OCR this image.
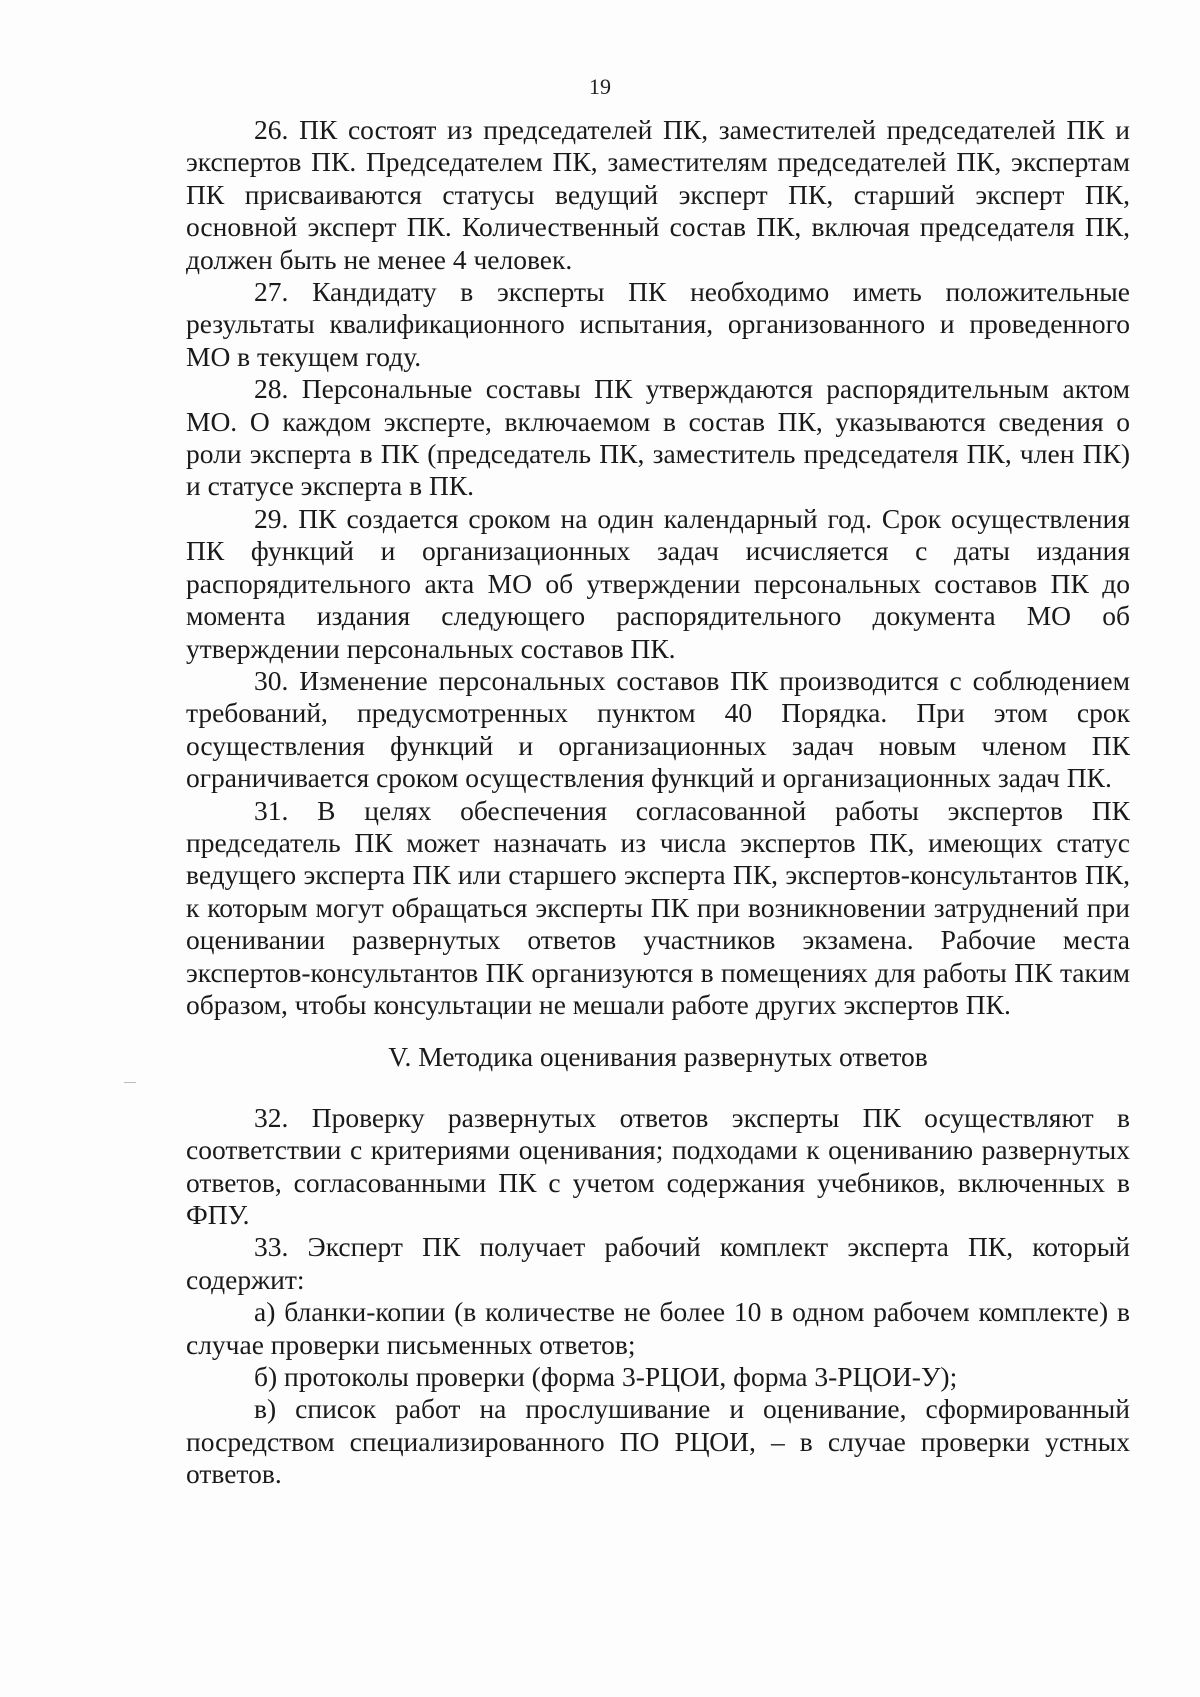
19

26. ПК состоят из председателей ПК, заместителей председателей ПК и экспертов ПК. Председателем ПК, заместителям председателей ПК, экспертам ПК присваиваются статусы ведущий эксперт ПК, старший эксперт ПК, основной эксперт ПК. Количественный состав ПК, включая председателя ПК, должен быть не менее 4 человек.

27. Кандидату в эксперты ПК необходимо иметь положительные результаты квалификационного испытания, организованного и проведенного МО в текущем году.

28. Персональные составы ПК утверждаются распорядительным актом МО. О каждом эксперте, включаемом в состав ПК, указываются сведения о роли эксперта в ПК (председатель ПК, заместитель председателя ПК, член ПК) и статусе эксперта в ПК.

29. ПК создается сроком на один календарный год. Срок осуществления ПК функций и организационных задач исчисляется с даты издания распорядительного акта МО об утверждении персональных составов ПК до момента издания следующего распорядительного документа МО об утверждении персональных составов ПК.

30. Изменение персональных составов ПК производится с соблюдением требований, предусмотренных пунктом 40 Порядка. При этом срок осуществления функций и организационных задач новым членом ПК ограничивается сроком осуществления функций и организационных задач ПК.

31. В целях обеспечения согласованной работы экспертов ПК председатель ПК может назначать из числа экспертов ПК, имеющих статус ведущего эксперта ПК или старшего эксперта ПК, экспертов-консультантов ПК, к которым могут обращаться эксперты ПК при возникновении затруднений при оценивании развернутых ответов участников экзамена. Рабочие места экспертов-консультантов ПК организуются в помещениях для работы ПК таким образом, чтобы консультации не мешали работе других экспертов ПК.

V. Методика оценивания развернутых ответов

32. Проверку развернутых ответов эксперты ПК осуществляют в соответствии с критериями оценивания; подходами к оцениванию развернутых ответов, согласованными ПК с учетом содержания учебников, включенных в ФПУ.

33. Эксперт ПК получает рабочий комплект эксперта ПК, который содержит:

а) бланки-копии (в количестве не более 10 в одном рабочем комплекте) в случае проверки письменных ответов;

б) протоколы проверки (форма 3-РЦОИ, форма 3-РЦОИ-У);

в) список работ на прослушивание и оценивание, сформированный посредством специализированного ПО РЦОИ, – в случае проверки устных ответов.
